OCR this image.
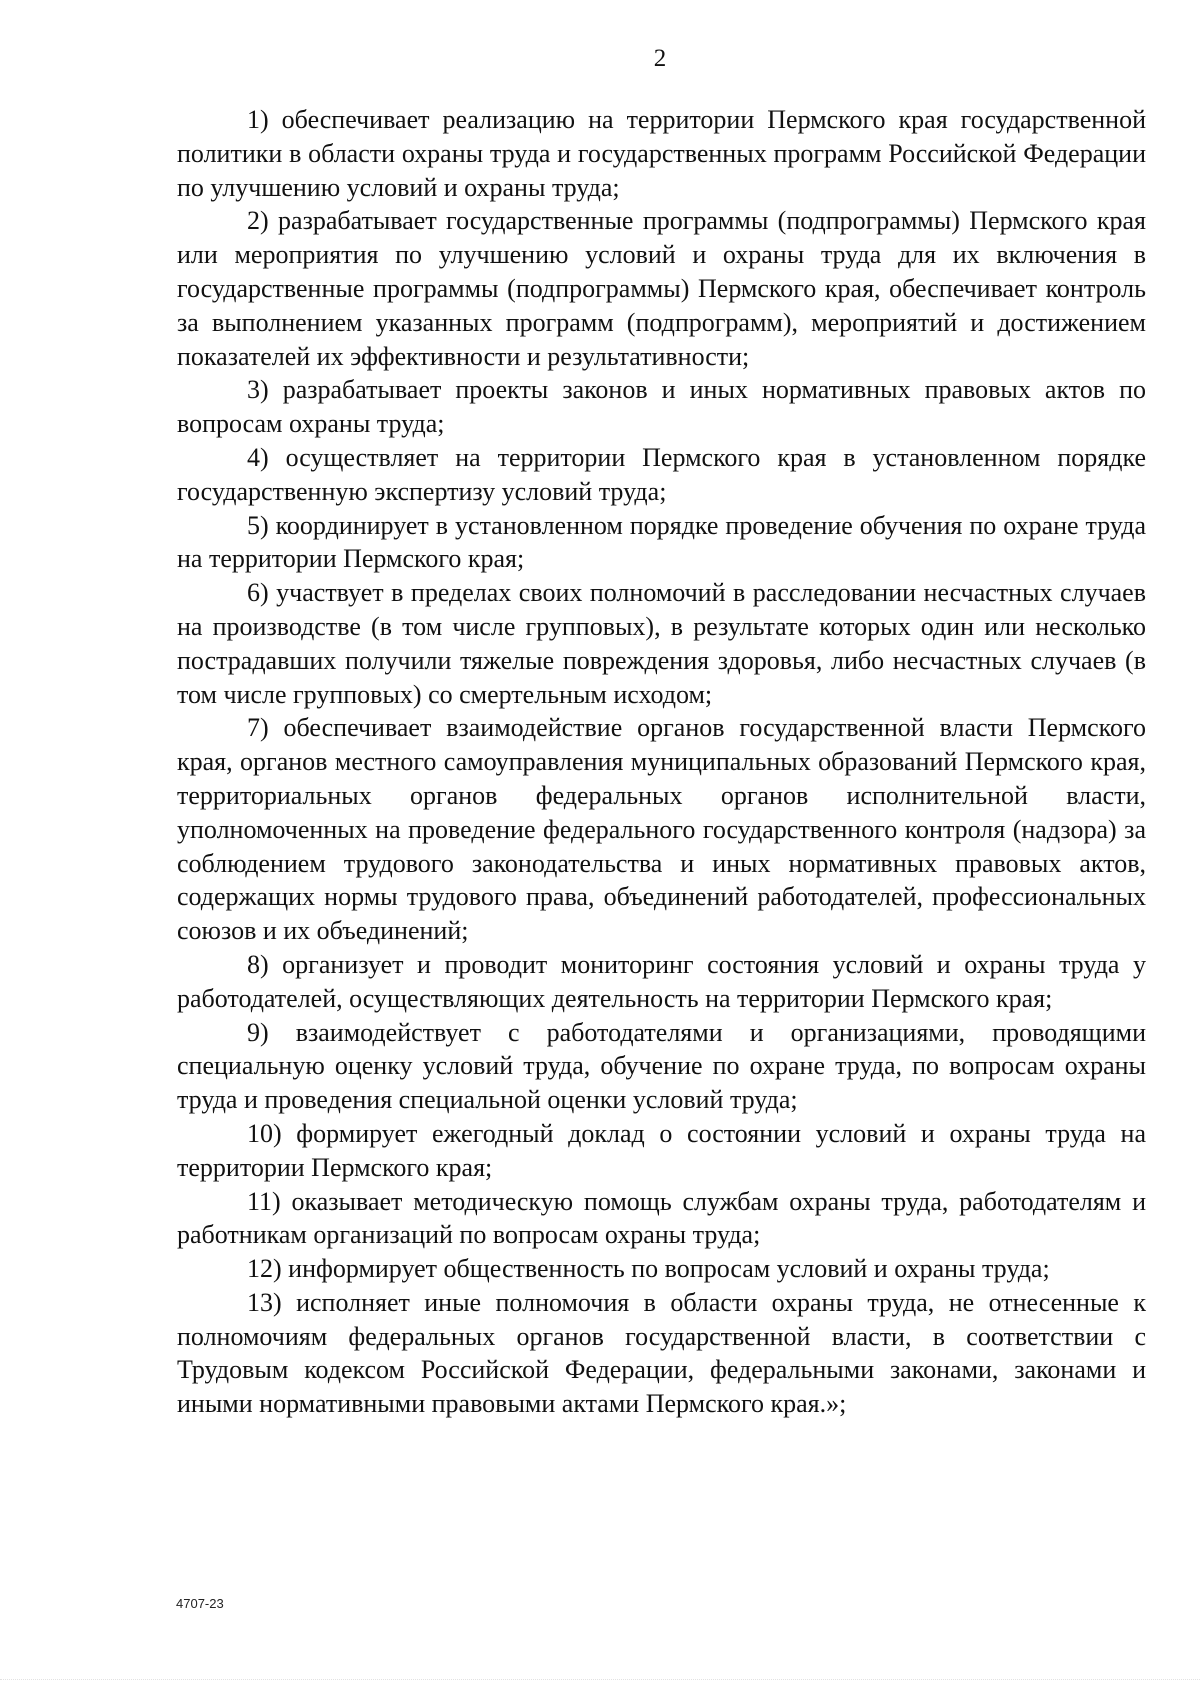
2

1) обеспечивает реализацию на территории Пермского края государственной политики в области охраны труда и государственных программ Российской Федерации по улучшению условий и охраны труда;

2) разрабатывает государственные программы (подпрограммы) Пермского края или мероприятия по улучшению условий и охраны труда для их включения в государственные программы (подпрограммы) Пермского края, обеспечивает контроль за выполнением указанных программ (подпрограмм), мероприятий и достижением показателей их эффективности и результативности;

3) разрабатывает проекты законов и иных нормативных правовых актов по вопросам охраны труда;

4) осуществляет на территории Пермского края в установленном порядке государственную экспертизу условий труда;

5) координирует в установленном порядке проведение обучения по охране труда на территории Пермского края;

6) участвует в пределах своих полномочий в расследовании несчастных случаев на производстве (в том числе групповых), в результате которых один или несколько пострадавших получили тяжелые повреждения здоровья, либо несчастных случаев (в том числе групповых) со смертельным исходом;

7) обеспечивает взаимодействие органов государственной власти Пермского края, органов местного самоуправления муниципальных образований Пермского края, территориальных органов федеральных органов исполнительной власти, уполномоченных на проведение федерального государственного контроля (надзора) за соблюдением трудового законодательства и иных нормативных правовых актов, содержащих нормы трудового права, объединений работодателей, профессиональных союзов и их объединений;

8) организует и проводит мониторинг состояния условий и охраны труда у работодателей, осуществляющих деятельность на территории Пермского края;

9) взаимодействует с работодателями и организациями, проводящими специальную оценку условий труда, обучение по охране труда, по вопросам охраны труда и проведения специальной оценки условий труда;

10) формирует ежегодный доклад о состоянии условий и охраны труда на территории Пермского края;

11) оказывает методическую помощь службам охраны труда, работодателям и работникам организаций по вопросам охраны труда;

12) информирует общественность по вопросам условий и охраны труда;

13) исполняет иные полномочия в области охраны труда, не отнесенные к полномочиям федеральных органов государственной власти, в соответствии с Трудовым кодексом Российской Федерации, федеральными законами, законами и иными нормативными правовыми актами Пермского края.»;

4707-23
